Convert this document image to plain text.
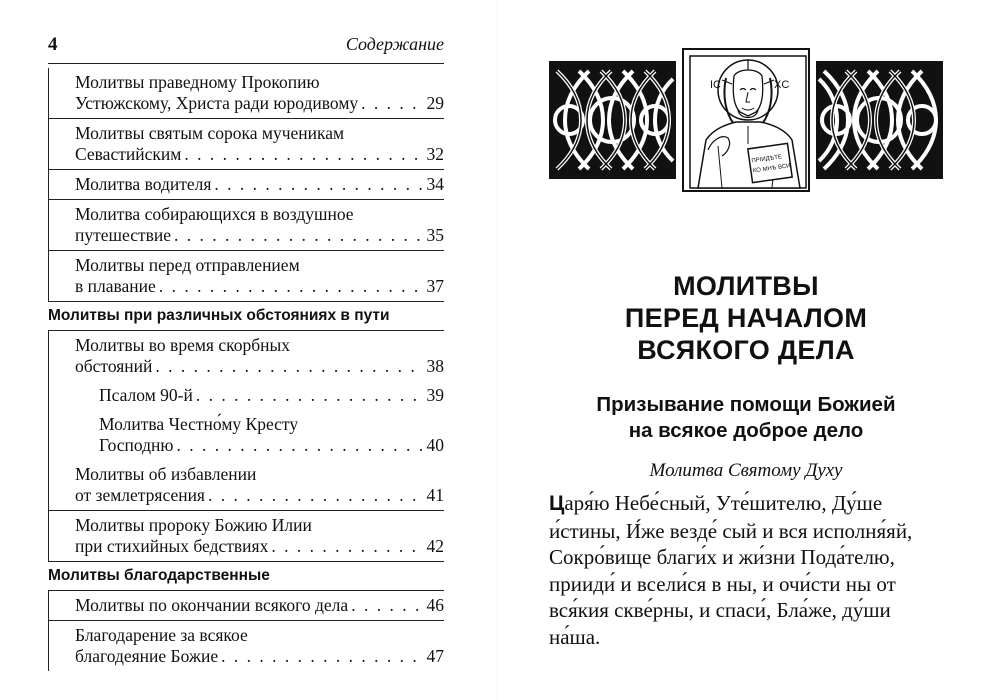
4	Содержание
Молитвы праведному Прокопию
Устюжскому, Христа ради юродивому . . .	29
Молитвы святым сорока мученикам
Севастийским . . .	32
Молитва водителя . . .	34
Молитва собирающихся в воздушное
путешествие . . .	35
Молитвы перед отправлением
в плавание . . .	37
Молитвы при различных обстояниях в пути
Молитвы во время скорбных
обстояний . . .	38
Псалом 90-й . . .	39
Молитва Честно́му Кресту
Господню . . .	40
Молитвы об избавлении
от землетрясения . . .	41
Молитвы пророку Божию Илии
при стихийных бедствиях . . .	42
Молитвы благодарственные
Молитвы по окончании всякого дела . . .	46
Благодарение за всякое
благодеяние Божие . . .	47
IC	XC
ПРІИДѢТЕ
КО МНѢ ВСИ
МОЛИТВЫ
ПЕРЕД НАЧАЛОМ
ВСЯКОГО ДЕЛА
Призывание помощи Божией
на всякое доброе дело
Молитва Святому Духу
Царя́ю Небе́сный, Уте́шителю, Ду́ше
и́стины, И́же везде́ сый и вся исполня́яй,
Сокро́вище благи́х и жи́зни Пода́телю,
прииди́ и всели́ся в ны, и очи́сти ны от
вся́кия скве́рны, и спаси́, Бла́же, ду́ши
на́ша.
